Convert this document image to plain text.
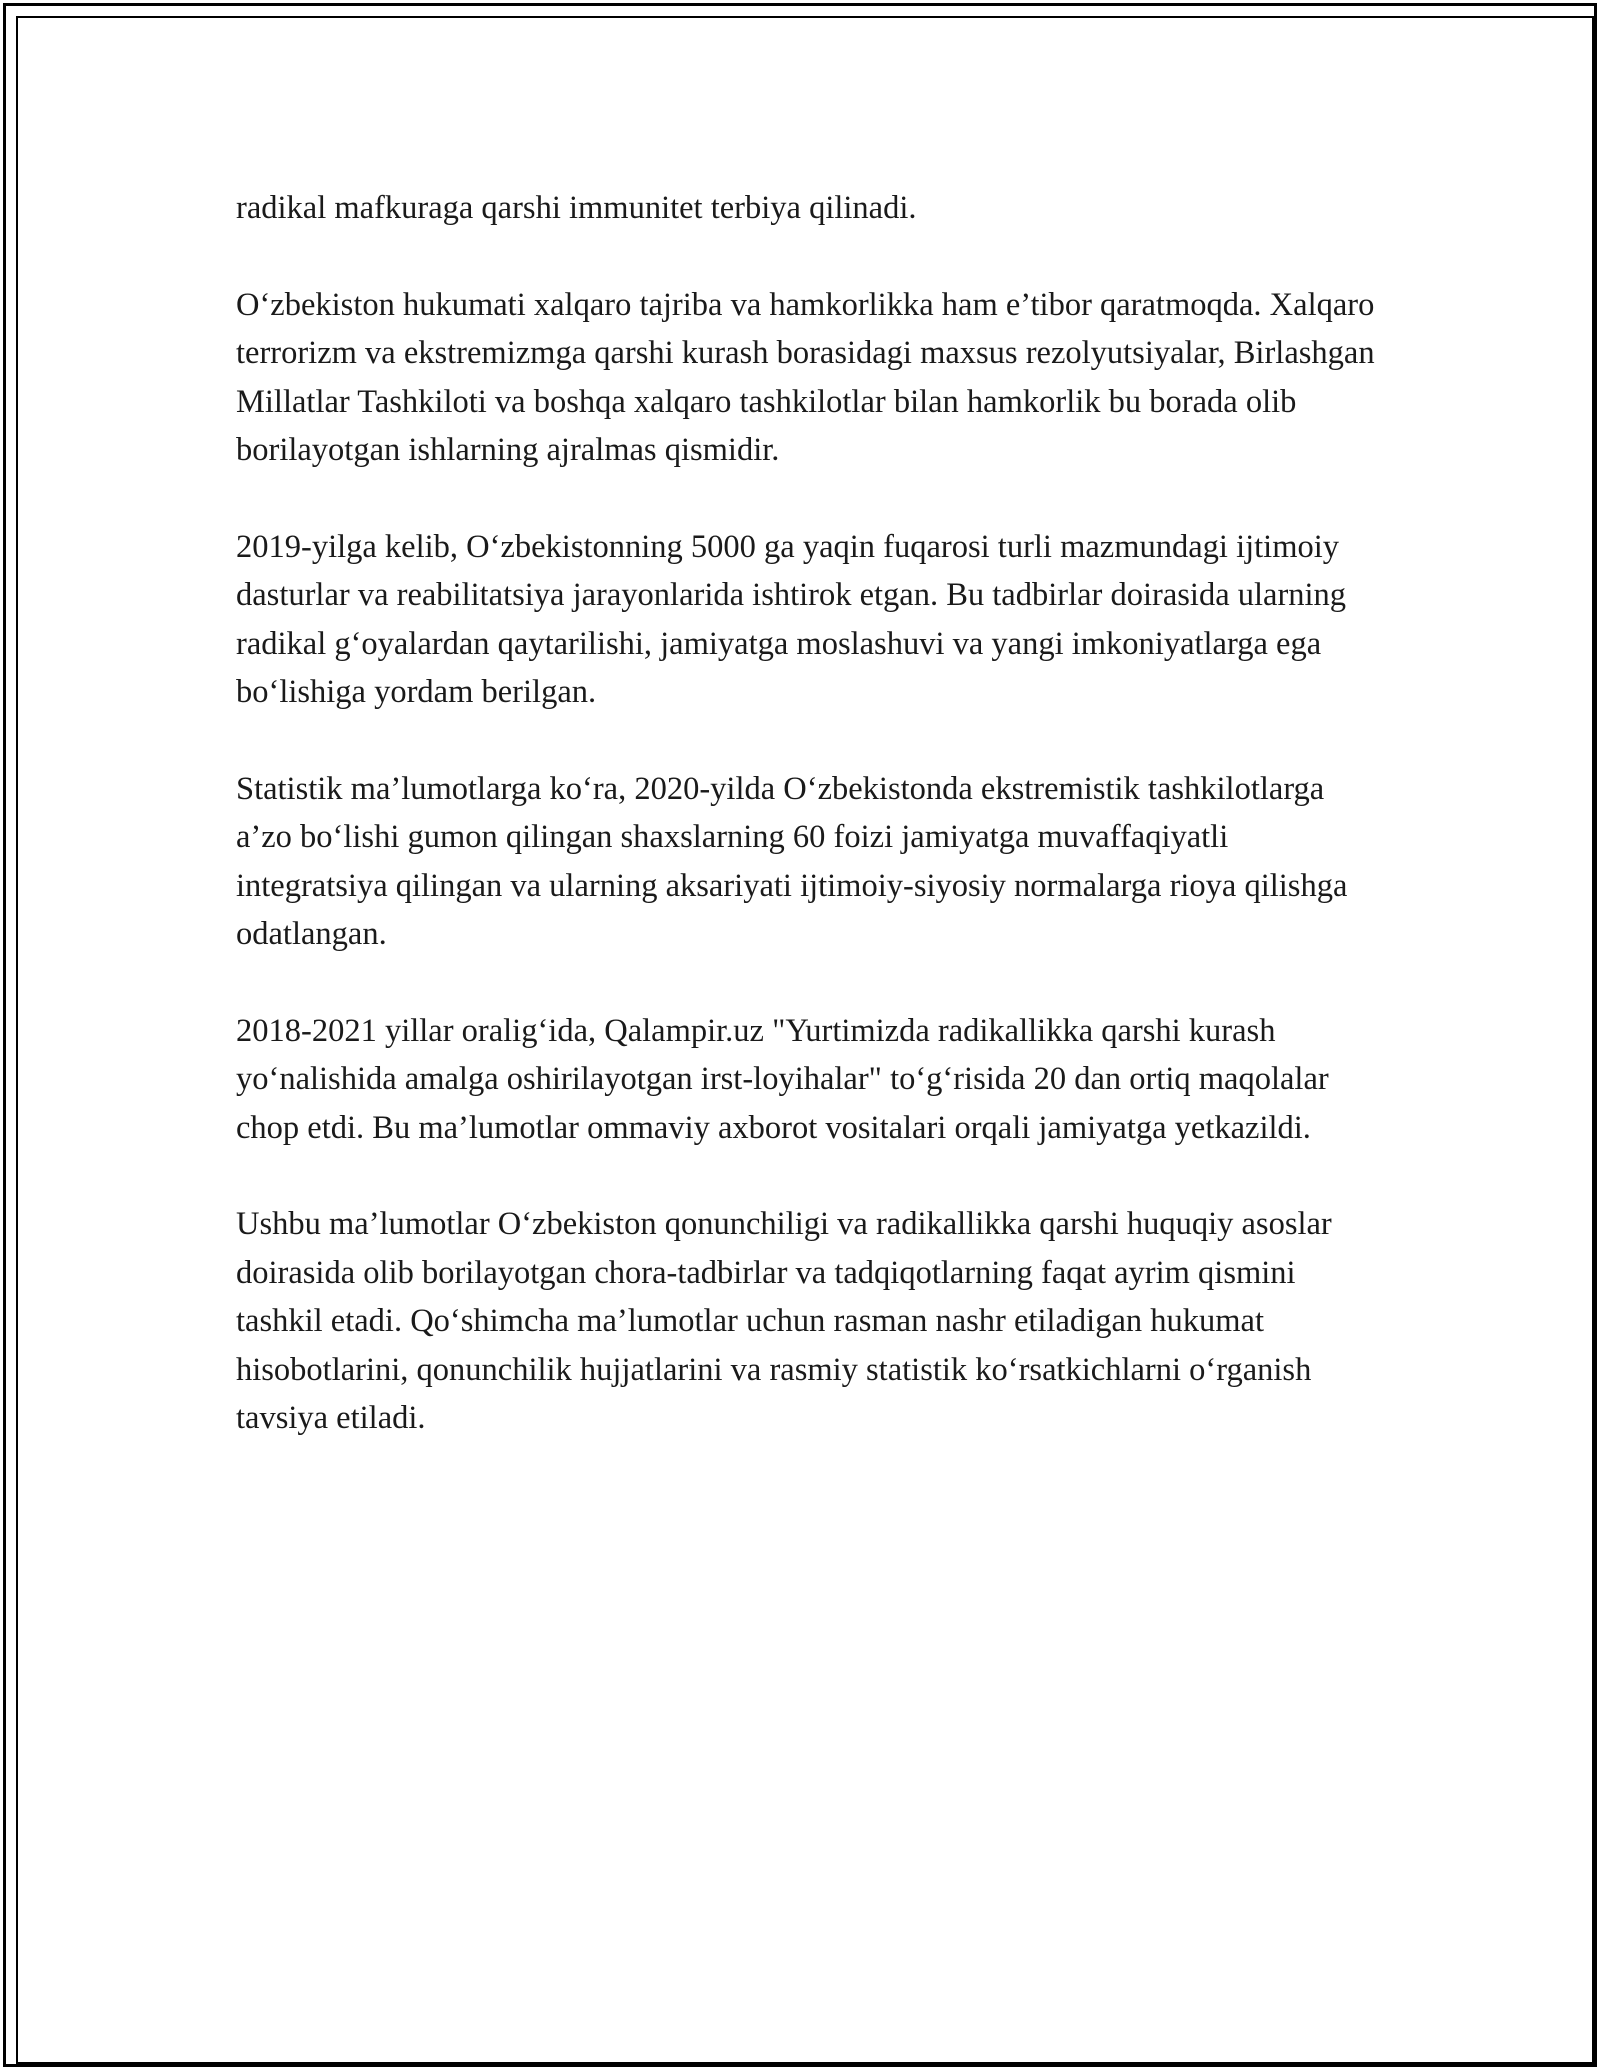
radikal mafkuraga qarshi immunitet terbiya qilinadi.

O‘zbekiston hukumati xalqaro tajriba va hamkorlikka ham e’tibor qaratmoqda. Xalqaro terrorizm va ekstremizmga qarshi kurash borasidagi maxsus rezolyutsiyalar, Birlashgan Millatlar Tashkiloti va boshqa xalqaro tashkilotlar bilan hamkorlik bu borada olib borilayotgan ishlarning ajralmas qismidir.

2019-yilga kelib, O‘zbekistonning 5000 ga yaqin fuqarosi turli mazmundagi ijtimoiy dasturlar va reabilitatsiya jarayonlarida ishtirok etgan. Bu tadbirlar doirasida ularning radikal g‘oyalardan qaytarilishi, jamiyatga moslashuvi va yangi imkoniyatlarga ega bo‘lishiga yordam berilgan.

Statistik ma’lumotlarga ko‘ra, 2020-yilda O‘zbekistonda ekstremistik tashkilotlarga a’zo bo‘lishi gumon qilingan shaxslarning 60 foizi jamiyatga muvaffaqiyatli integratsiya qilingan va ularning aksariyati ijtimoiy-siyosiy normalarga rioya qilishga odatlangan.

2018-2021 yillar oralig‘ida, Qalampir.uz "Yurtimizda radikallikka qarshi kurash yo‘nalishida amalga oshirilayotgan irst-loyihalar" to‘g‘risida 20 dan ortiq maqolalar chop etdi. Bu ma’lumotlar ommaviy axborot vositalari orqali jamiyatga yetkazildi.

Ushbu ma’lumotlar O‘zbekiston qonunchiligi va radikallikka qarshi huquqiy asoslar doirasida olib borilayotgan chora-tadbirlar va tadqiqotlarning faqat ayrim qismini tashkil etadi. Qo‘shimcha ma’lumotlar uchun rasman nashr etiladigan hukumat hisobotlarini, qonunchilik hujjatlarini va rasmiy statistik ko‘rsatkichlarni o‘rganish tavsiya etiladi.
